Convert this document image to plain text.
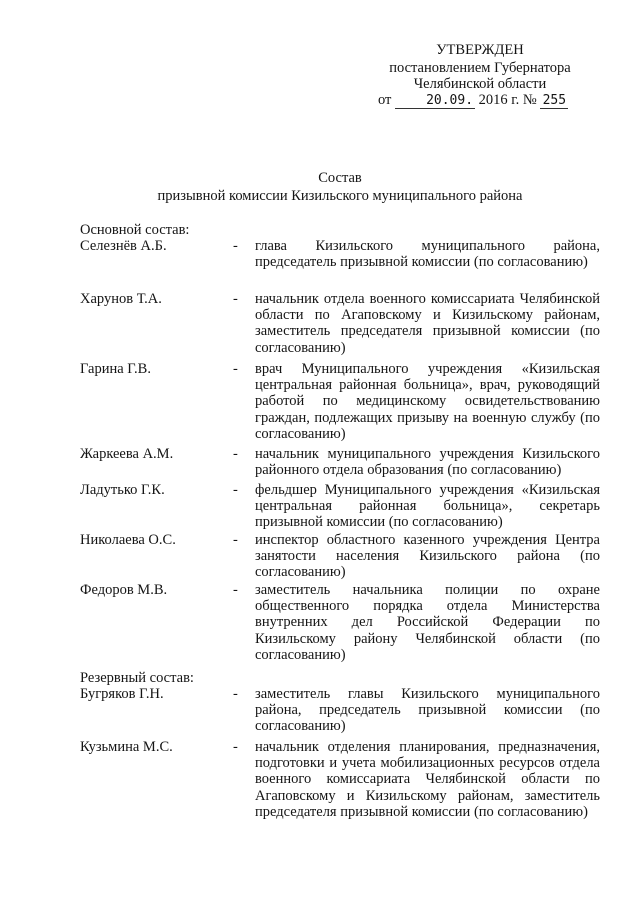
УТВЕРЖДЕН
постановлением Губернатора
Челябинской области
от	20.09. 2016 г. № 255
Состав
призывной комиссии Кизильского муниципального района
Основной состав:
Селезнёв А.Б.	- глава Кизильского муниципального района, председатель призывной комиссии (по согласованию)

Харунов Т.А.	- начальник отдела военного комиссариата Челябинской области по Агаповскому и Кизильскому районам, заместитель председателя призывной комиссии (по согласованию)

Гарина Г.В.	- врач Муниципального учреждения «Кизильская центральная районная больница», врач, руководящий работой по медицинскому освидетельствованию граждан, подлежащих призыву на военную службу (по согласованию)

Жаркеева А.М.	- начальник муниципального учреждения Кизильского районного отдела образования (по согласованию)

Ладутько Г.К.	- фельдшер Муниципального учреждения «Кизильская центральная районная больница», секретарь призывной комиссии (по согласованию)

Николаева О.С.	- инспектор областного казенного учреждения Центра занятости населения Кизильского района (по согласованию)

Федоров М.В.	- заместитель начальника полиции по охране общественного порядка отдела Министерства внутренних дел Российской Федерации по Кизильскому району Челябинской области (по согласованию)

Резервный состав:
Бугряков Г.Н.	- заместитель главы Кизильского муниципального района, председатель призывной комиссии (по согласованию)

Кузьмина М.С.	- начальник отделения планирования, предназначения, подготовки и учета мобилизационных ресурсов отдела военного комиссариата Челябинской области по Агаповскому и Кизильскому районам, заместитель председателя призывной комиссии (по согласованию)
